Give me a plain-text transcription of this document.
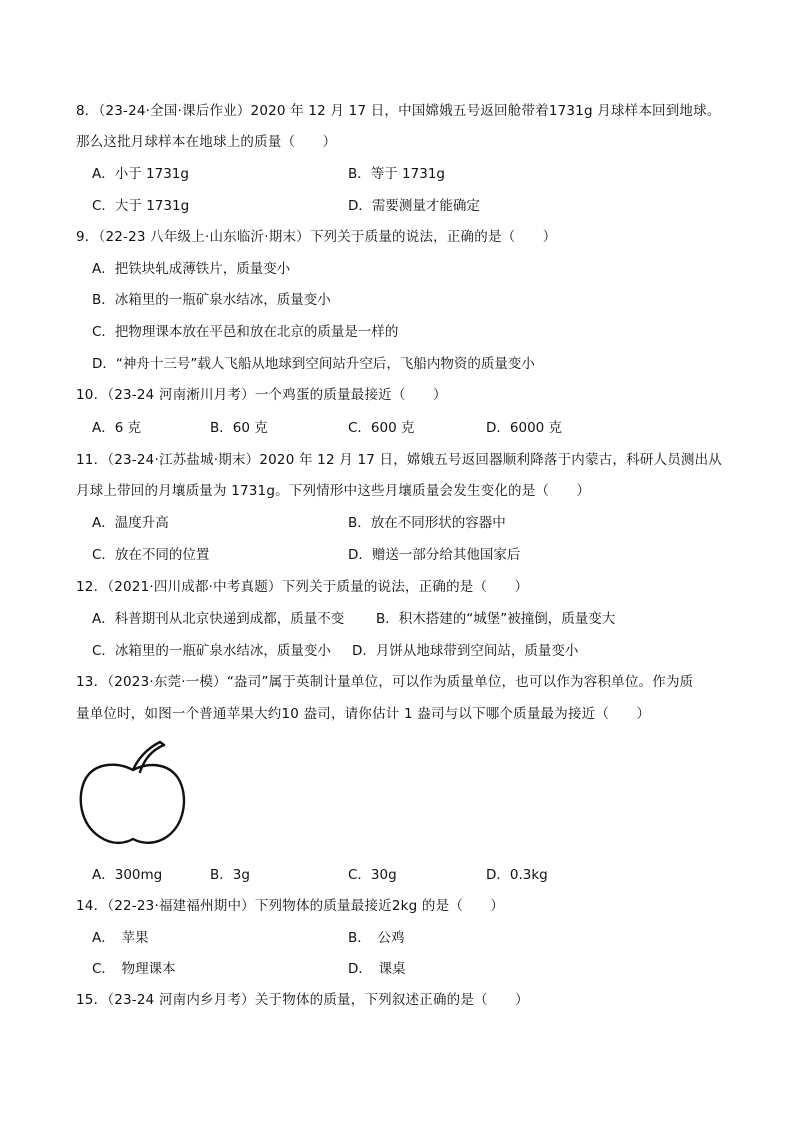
8．（23-24·全国·课后作业）2020 年 12 月 17 日，中国嫦娥五号返回舱带着1731g 月球样本回到地球。
那么这批月球样本在地球上的质量（　　）
A．小于 1731g	B．等于 1731g
C．大于 1731g	D．需要测量才能确定
9．（22-23 八年级上·山东临沂·期末）下列关于质量的说法，正确的是（　　）
A．把铁块轧成薄铁片，质量变小
B．冰箱里的一瓶矿泉水结冰，质量变小
C．把物理课本放在平邑和放在北京的质量是一样的
D．“神舟十三号”载人飞船从地球到空间站升空后，飞船内物资的质量变小
10．（23-24 河南淅川月考）一个鸡蛋的质量最接近（　　）
A．6 克	B．60 克	C．600 克	D．6000 克
11．（23-24·江苏盐城·期末）2020 年 12 月 17 日，嫦娥五号返回器顺利降落于内蒙古，科研人员测出从
月球上带回的月壤质量为 1731g。下列情形中这些月壤质量会发生变化的是（　　）
A．温度升高	B．放在不同形状的容器中
C．放在不同的位置	D．赠送一部分给其他国家后
12．（2021·四川成都·中考真题）下列关于质量的说法，正确的是（　　）
A．科普期刊从北京快递到成都，质量不变 B．积木搭建的“城堡”被撞倒，质量变大
C．冰箱里的一瓶矿泉水结冰，质量变小 D．月饼从地球带到空间站，质量变小
13．（2023·东莞·一模）“盎司”属于英制计量单位，可以作为质量单位，也可以作为容积单位。作为质
量单位时，如图一个普通苹果大约10 盎司，请你估计 1 盎司与以下哪个质量最为接近（　　）
A．300mg	B．3g	C．30g	D．0.3kg
14．（22-23·福建福州期中）下列物体的质量最接近2kg 的是（　　）
A．　苹果	B．　公鸡
C．　物理课本	D．　课桌
15．（23-24 河南内乡月考）关于物体的质量，下列叙述正确的是（　　）
